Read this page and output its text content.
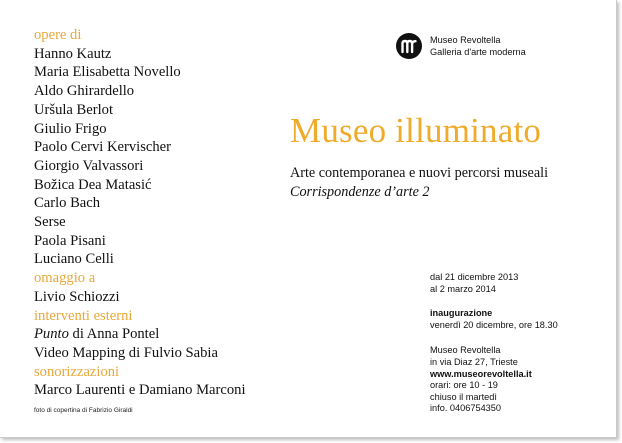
opere di
Hanno Kautz
Maria Elisabetta Novello
Aldo Ghirardello
Uršula Berlot
Giulio Frigo
Paolo Cervi Kervischer
Giorgio Valvassori
Božica Dea Matasić
Carlo Bach
Serse
Paola Pisani
Luciano Celli
omaggio a
Livio Schiozzi
interventi esterni
Punto di Anna Pontel
Video Mapping di Fulvio Sabia
sonorizzazioni
Marco Laurenti e Damiano Marconi
foto di copertina di Fabrizio Giraldi
Museo Revoltella
Galleria d'arte moderna
Museo illuminato
Arte contemporanea e nuovi percorsi museali
Corrispondenze d’arte 2
dal 21 dicembre 2013
al 2 marzo 2014
inaugurazione
venerdì 20 dicembre, ore 18.30
Museo Revoltella
in via Diaz 27, Trieste
www.museorevoltella.it
orari: ore 10 - 19
chiuso il martedì
info. 0406754350
